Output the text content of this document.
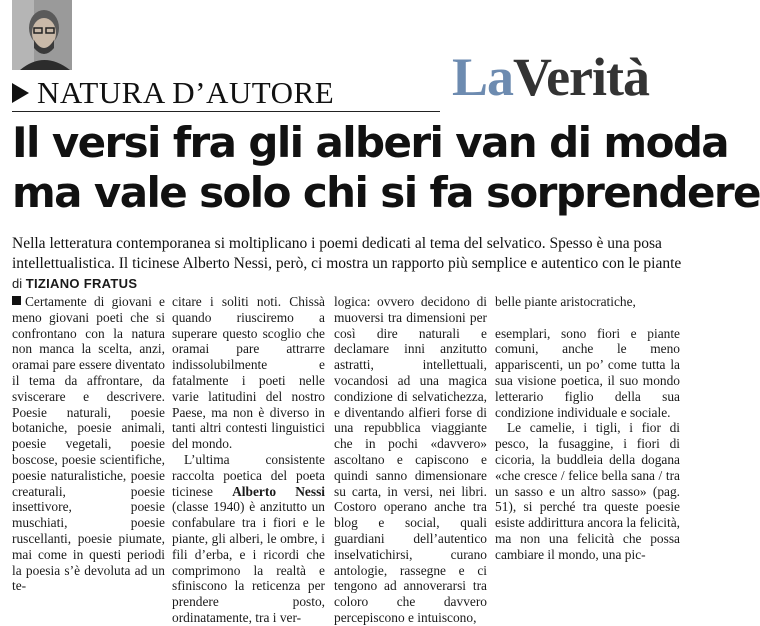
LaVerità
NATURA D’AUTORE
Il versi fra gli alberi van di moda
ma vale solo chi si fa sorprendere
Nella letteratura contemporanea si moltiplicano i poemi dedicati al tema del selvatico. Spesso è una posa intellettualistica. Il ticinese Alberto Nessi, però, ci mostra un rapporto più semplice e autentico con le piante
di TIZIANO FRATUS

Certamente di giovani e meno giovani poeti che si confrontano con la natura non manca la scelta, anzi, oramai pare essere diventato il tema da affrontare, da sviscerare e descrivere. Poesie naturali, poesie botaniche, poesie animali, poesie vegetali, poesie boscose, poesie scientifiche, poesie naturalistiche, poesie creaturali, poesie insettivore, poesie muschiati, poesie ruscellanti, poesie piumate, mai come in questi periodi la poesia s’è devoluta ad un te-

citare i soliti noti. Chissà quando riusciremo a superare questo scoglio che oramai pare attrarre indissolubilmente e fatalmente i poeti nelle varie latitudini del nostro Paese, ma non è diverso in tanti altri contesti linguistici del mondo.

L’ultima consistente raccolta poetica del poeta ticinese Alberto Nessi (classe 1940) è anzitutto un confabulare tra i fiori e le piante, gli alberi, le ombre, i fili d’erba, e i ricordi che comprimono la realtà e sfiniscono la reticenza per prendere posto, ordinatamente, tra i ver-

logica: ovvero decidono di muoversi tra dimensioni per così dire naturali e declamare inni anzitutto astratti, intellettuali, vocandosi ad una magica condizione di selvatichezza, e diventando alfieri forse di una repubblica viaggiante che in pochi «davvero» ascoltano e capiscono e quindi sanno dimensionare su carta, in versi, nei libri. Costoro operano anche tra blog e social, quali guardiani dell’autentico inselvatichirsi, curano antologie, rassegne e ci tengono ad annoverarsi tra coloro che davvero percepiscono e intuiscono,

belle piante aristocratiche,

esemplari, sono fiori e piante comuni, anche le meno appariscenti, un po’ come tutta la sua visione poetica, il suo mondo letterario figlio della sua condizione individuale e sociale.

Le camelie, i tigli, i fior di pesco, la fusaggine, i fiori di cicoria, la buddleia della dogana «che cresce / felice bella sana / tra un sasso e un altro sasso» (pag. 51), si perché tra queste poesie esiste addirittura ancora la felicità, ma non una felicità che possa cambiare il mondo, una pic-
